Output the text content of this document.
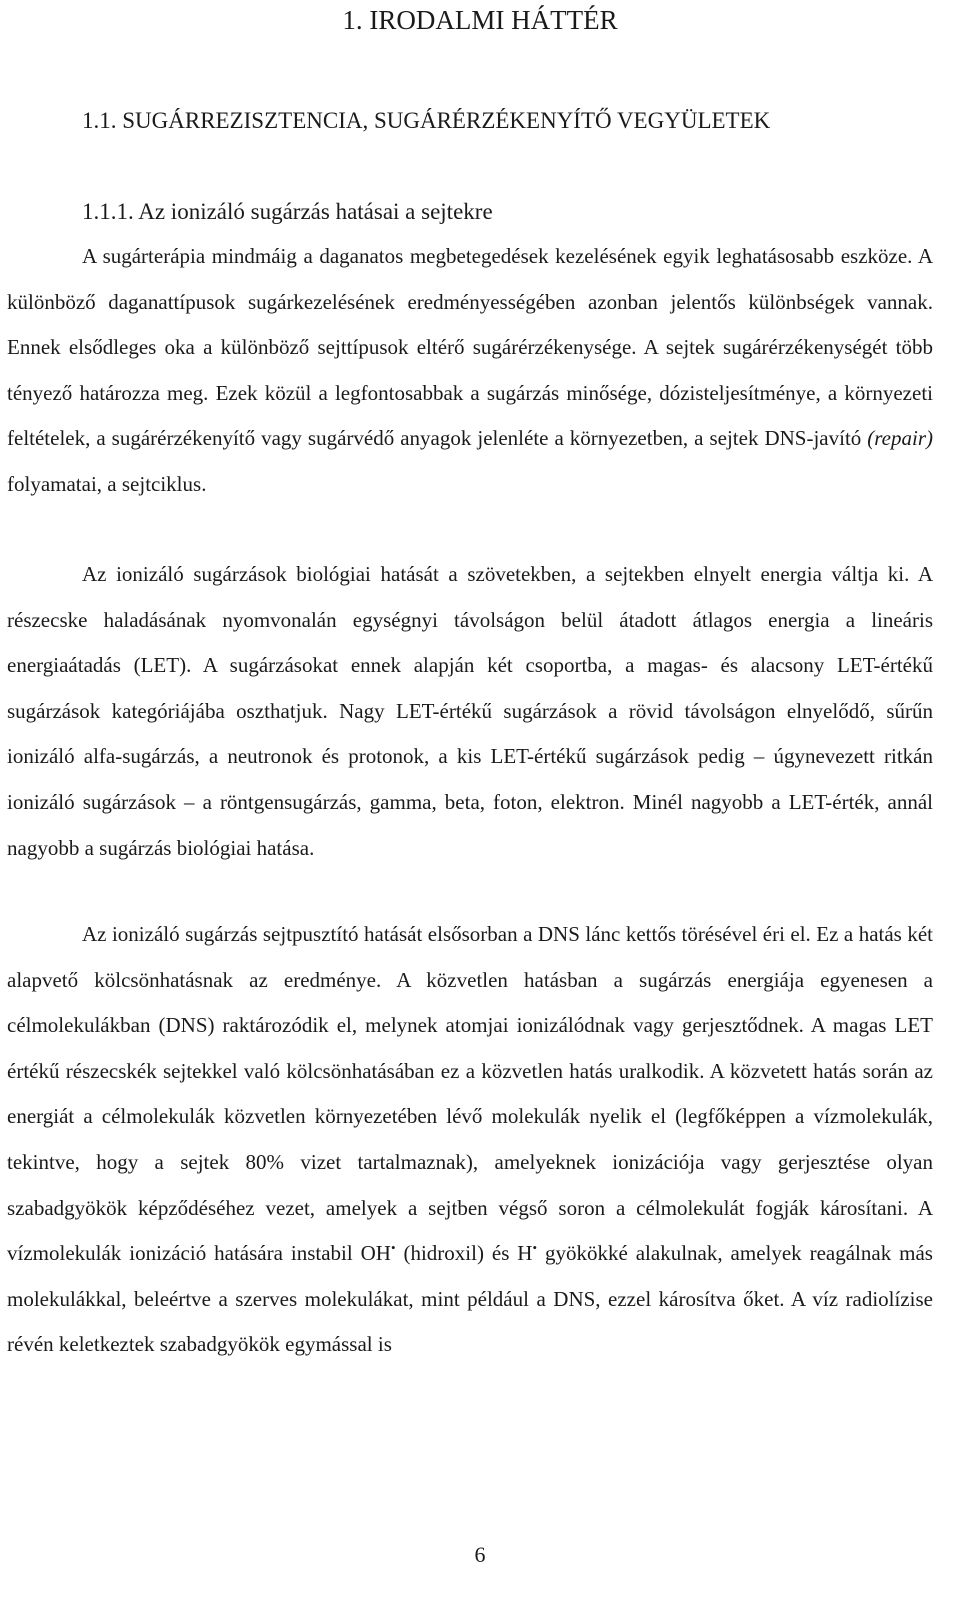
1. IRODALMI HÁTTÉR
1.1. SUGÁRREZISZTENCIA, SUGÁRÉRZÉKENYÍTŐ VEGYÜLETEK
1.1.1. Az ionizáló sugárzás hatásai a sejtekre

A sugárterápia mindmáig a daganatos megbetegedések kezelésének egyik leghatásosabb eszköze. A különböző daganattípusok sugárkezelésének eredményességében azonban jelentős különbségek vannak. Ennek elsődleges oka a különböző sejttípusok eltérő sugárérzékenysége. A sejtek sugárérzékenységét több tényező határozza meg. Ezek közül a legfontosabbak a sugárzás minősége, dózisteljesítménye, a környezeti feltételek, a sugárérzékenyítő vagy sugárvédő anyagok jelenléte a környezetben, a sejtek DNS-javító (repair) folyamatai, a sejtciklus.

Az ionizáló sugárzások biológiai hatását a szövetekben, a sejtekben elnyelt energia váltja ki. A részecske haladásának nyomvonalán egységnyi távolságon belül átadott átlagos energia a lineáris energiaátadás (LET). A sugárzásokat ennek alapján két csoportba, a magas- és alacsony LET-értékű sugárzások kategóriájába oszthatjuk. Nagy LET-értékű sugárzások a rövid távolságon elnyelődő, sűrűn ionizáló alfa-sugárzás, a neutronok és protonok, a kis LET-értékű sugárzások pedig – úgynevezett ritkán ionizáló sugárzások – a röntgensugárzás, gamma, beta, foton, elektron. Minél nagyobb a LET-érték, annál nagyobb a sugárzás biológiai hatása.

Az ionizáló sugárzás sejtpusztító hatását elsősorban a DNS lánc kettős törésével éri el. Ez a hatás két alapvető kölcsönhatásnak az eredménye. A közvetlen hatásban a sugárzás energiája egyenesen a célmolekulákban (DNS) raktározódik el, melynek atomjai ionizálódnak vagy gerjesztődnek. A magas LET értékű részecskék sejtekkel való kölcsönhatásában ez a közvetlen hatás uralkodik. A közvetett hatás során az energiát a célmolekulák közvetlen környezetében lévő molekulák nyelik el (legfőképpen a vízmolekulák, tekintve, hogy a sejtek 80% vizet tartalmaznak), amelyeknek ionizációja vagy gerjesztése olyan szabadgyökök képződéséhez vezet, amelyek a sejtben végső soron a célmolekulát fogják károsítani. A vízmolekulák ionizáció hatására instabil OH• (hidroxil) és H• gyökökké alakulnak, amelyek reagálnak más molekulákkal, beleértve a szerves molekulákat, mint például a DNS, ezzel károsítva őket. A víz radiolízise révén keletkeztek szabadgyökök egymással is

6
